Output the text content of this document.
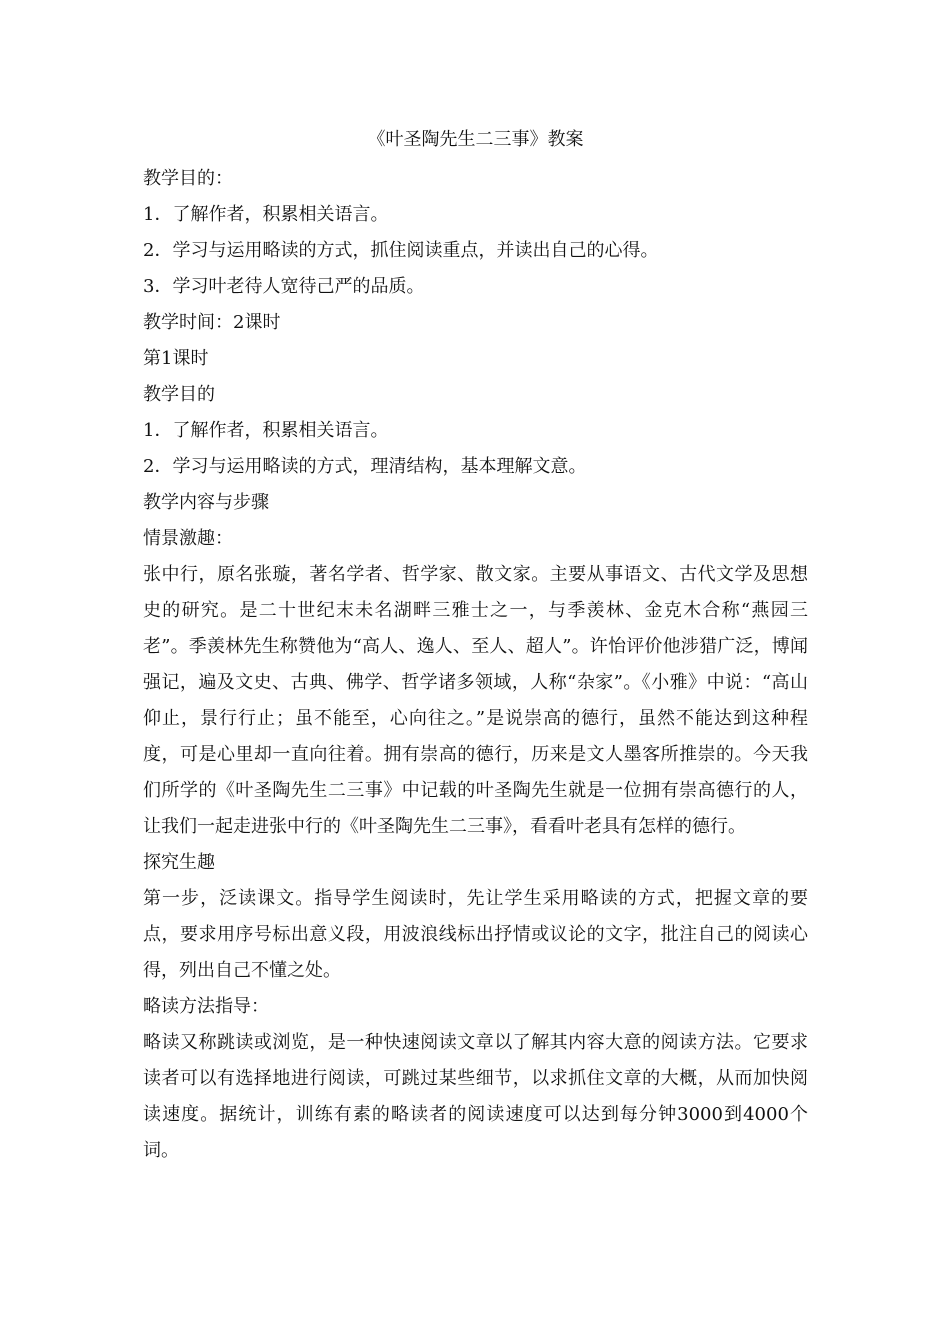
《叶圣陶先生二三事》教案
教学目的：
1．了解作者，积累相关语言。
2．学习与运用略读的方式，抓住阅读重点，并读出自己的心得。
3．学习叶老待人宽待己严的品质。
教学时间：2课时
第1课时
教学目的
1．了解作者，积累相关语言。
2．学习与运用略读的方式，理清结构，基本理解文意。
教学内容与步骤
情景激趣：
张中行，原名张璇，著名学者、哲学家、散文家。主要从事语文、古代文学及思想史的研究。是二十世纪末未名湖畔三雅士之一，与季羡林、金克木合称“燕园三老”。季羡林先生称赞他为“高人、逸人、至人、超人”。许怡评价他涉猎广泛，博闻强记，遍及文史、古典、佛学、哲学诸多领域，人称“杂家”。《小雅》中说：“高山仰止，景行行止；虽不能至，心向往之。”是说崇高的德行，虽然不能达到这种程度，可是心里却一直向往着。拥有崇高的德行，历来是文人墨客所推崇的。今天我们所学的《叶圣陶先生二三事》中记载的叶圣陶先生就是一位拥有崇高德行的人，让我们一起走进张中行的《叶圣陶先生二三事》，看看叶老具有怎样的德行。
探究生趣
第一步，泛读课文。指导学生阅读时，先让学生采用略读的方式，把握文章的要点，要求用序号标出意义段，用波浪线标出抒情或议论的文字，批注自己的阅读心得，列出自己不懂之处。
略读方法指导：
略读又称跳读或浏览，是一种快速阅读文章以了解其内容大意的阅读方法。它要求读者可以有选择地进行阅读，可跳过某些细节，以求抓住文章的大概，从而加快阅读速度。据统计，训练有素的略读者的阅读速度可以达到每分钟3000到4000个词。
